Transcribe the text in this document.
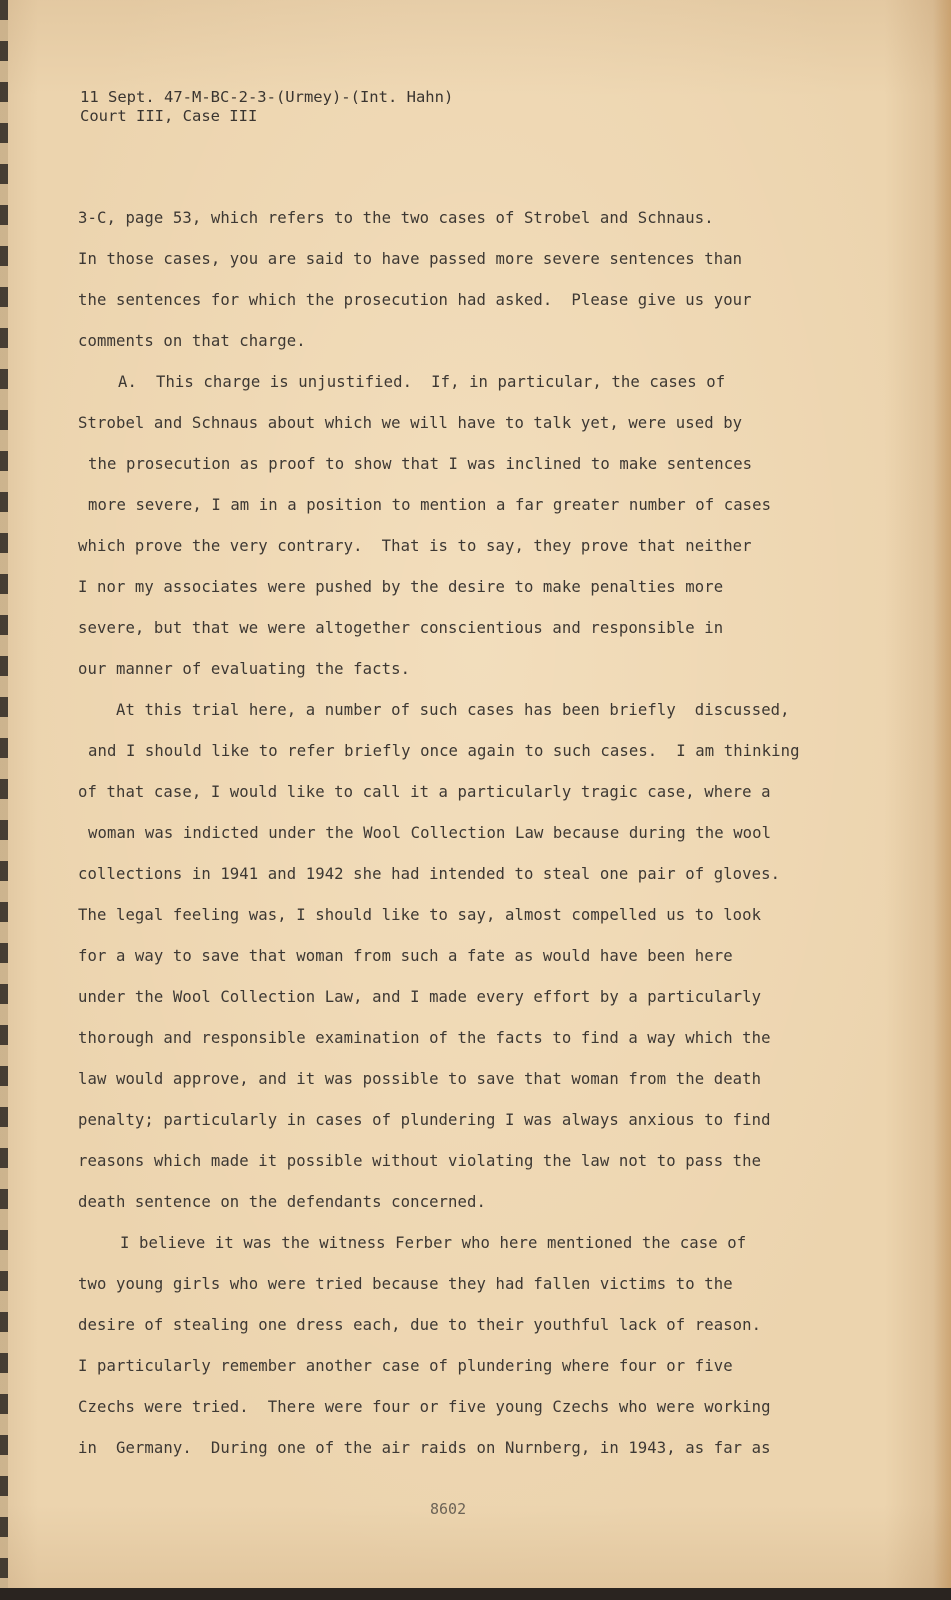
11 Sept. 47-M-BC-2-3-(Urmey)-(Int. Hahn)
Court III, Case III
3-C, page 53, which refers to the two cases of Strobel and Schnaus.
In those cases, you are said to have passed more severe sentences than
the sentences for which the prosecution had asked.  Please give us your
comments on that charge.
A.  This charge is unjustified.  If, in particular, the cases of
Strobel and Schnaus about which we will have to talk yet, were used by
the prosecution as proof to show that I was inclined to make sentences
more severe, I am in a position to mention a far greater number of cases
which prove the very contrary.  That is to say, they prove that neither
I nor my associates were pushed by the desire to make penalties more
severe, but that we were altogether conscientious and responsible in
our manner of evaluating the facts.
At this trial here, a number of such cases has been briefly  discussed,
and I should like to refer briefly once again to such cases.  I am thinking
of that case, I would like to call it a particularly tragic case, where a
woman was indicted under the Wool Collection Law because during the wool
collections in 1941 and 1942 she had intended to steal one pair of gloves.
The legal feeling was, I should like to say, almost compelled us to look
for a way to save that woman from such a fate as would have been here
under the Wool Collection Law, and I made every effort by a particularly
thorough and responsible examination of the facts to find a way which the
law would approve, and it was possible to save that woman from the death
penalty; particularly in cases of plundering I was always anxious to find
reasons which made it possible without violating the law not to pass the
death sentence on the defendants concerned.
I believe it was the witness Ferber who here mentioned the case of
two young girls who were tried because they had fallen victims to the
desire of stealing one dress each, due to their youthful lack of reason.
I particularly remember another case of plundering where four or five
Czechs were tried.  There were four or five young Czechs who were working
in  Germany.  During one of the air raids on Nurnberg, in 1943, as far as
8602
